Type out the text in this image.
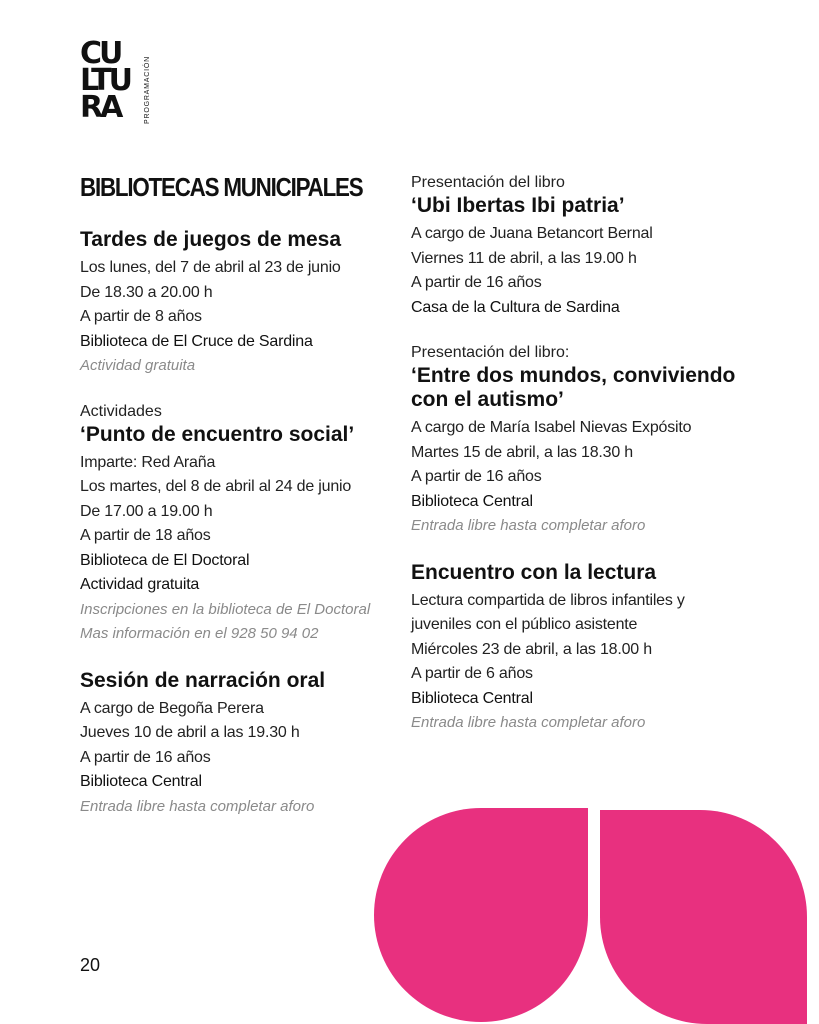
CU
LTU
RA	PROGRAMACIÓN
BIBLIOTECAS MUNICIPALES
Tardes de juegos de mesa
Los lunes, del 7 de abril al 23 de junio
De 18.30 a 20.00 h
A partir de 8 años
Biblioteca de El Cruce de Sardina
Actividad gratuita
Actividades
‘Punto de encuentro social’
Imparte: Red Araña
Los martes, del 8 de abril al 24 de junio
De 17.00 a 19.00 h
A partir de 18 años
Biblioteca de El Doctoral
Actividad gratuita
Inscripciones en la biblioteca de El Doctoral
Mas información en el 928 50 94 02
Sesión de narración oral
A cargo de Begoña Perera
Jueves 10 de abril a las 19.30 h
A partir de 16 años
Biblioteca Central
Entrada libre hasta completar aforo
Presentación del libro
‘Ubi Ibertas Ibi patria’
A cargo de Juana Betancort Bernal
Viernes 11 de abril, a las 19.00 h
A partir de 16 años
Casa de la Cultura de Sardina
Presentación del libro:
‘Entre dos mundos, conviviendo con el autismo’
A cargo de María Isabel Nievas Expósito
Martes 15 de abril, a las 18.30 h
A partir de 16 años
Biblioteca Central
Entrada libre hasta completar aforo
Encuentro con la lectura
Lectura compartida de libros infantiles y juveniles con el público asistente
Miércoles 23 de abril, a las 18.00 h
A partir de 6 años
Biblioteca Central
Entrada libre hasta completar aforo
20
